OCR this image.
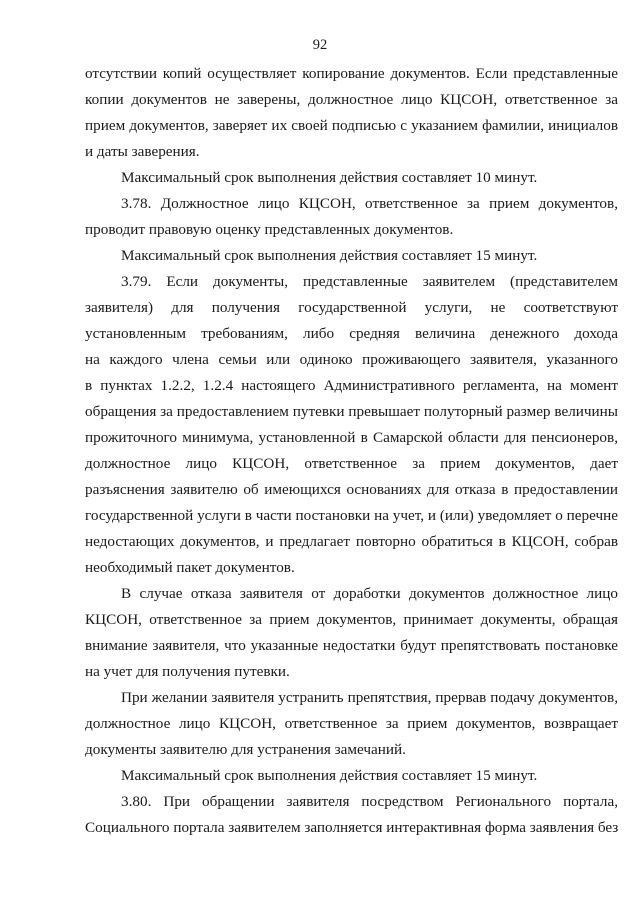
92
отсутствии копий осуществляет копирование документов. Если представленные
копии документов не заверены, должностное лицо КЦСОН, ответственное за
прием документов, заверяет их своей подписью с указанием фамилии, инициалов
и даты заверения.
Максимальный срок выполнения действия составляет 10 минут.
3.78. Должностное лицо КЦСОН, ответственное за прием документов,
проводит правовую оценку представленных документов.
Максимальный срок выполнения действия составляет 15 минут.
3.79. Если документы, представленные заявителем (представителем
заявителя) для получения государственной услуги, не соответствуют
установленным требованиям, либо средняя величина денежного дохода
на каждого члена семьи или одиноко проживающего заявителя, указанного
в пунктах 1.2.2, 1.2.4 настоящего Административного регламента, на момент
обращения за предоставлением путевки превышает полуторный размер величины
прожиточного минимума, установленной в Самарской области для пенсионеров,
должностное лицо КЦСОН, ответственное за прием документов, дает
разъяснения заявителю об имеющихся основаниях для отказа в предоставлении
государственной услуги в части постановки на учет, и (или) уведомляет о перечне
недостающих документов, и предлагает повторно обратиться в КЦСОН, собрав
необходимый пакет документов.
В случае отказа заявителя от доработки документов должностное лицо
КЦСОН, ответственное за прием документов, принимает документы, обращая
внимание заявителя, что указанные недостатки будут препятствовать постановке
на учет для получения путевки.
При желании заявителя устранить препятствия, прервав подачу документов,
должностное лицо КЦСОН, ответственное за прием документов, возвращает
документы заявителю для устранения замечаний.
Максимальный срок выполнения действия составляет 15 минут.
3.80. При обращении заявителя посредством Регионального портала,
Социального портала заявителем заполняется интерактивная форма заявления без
